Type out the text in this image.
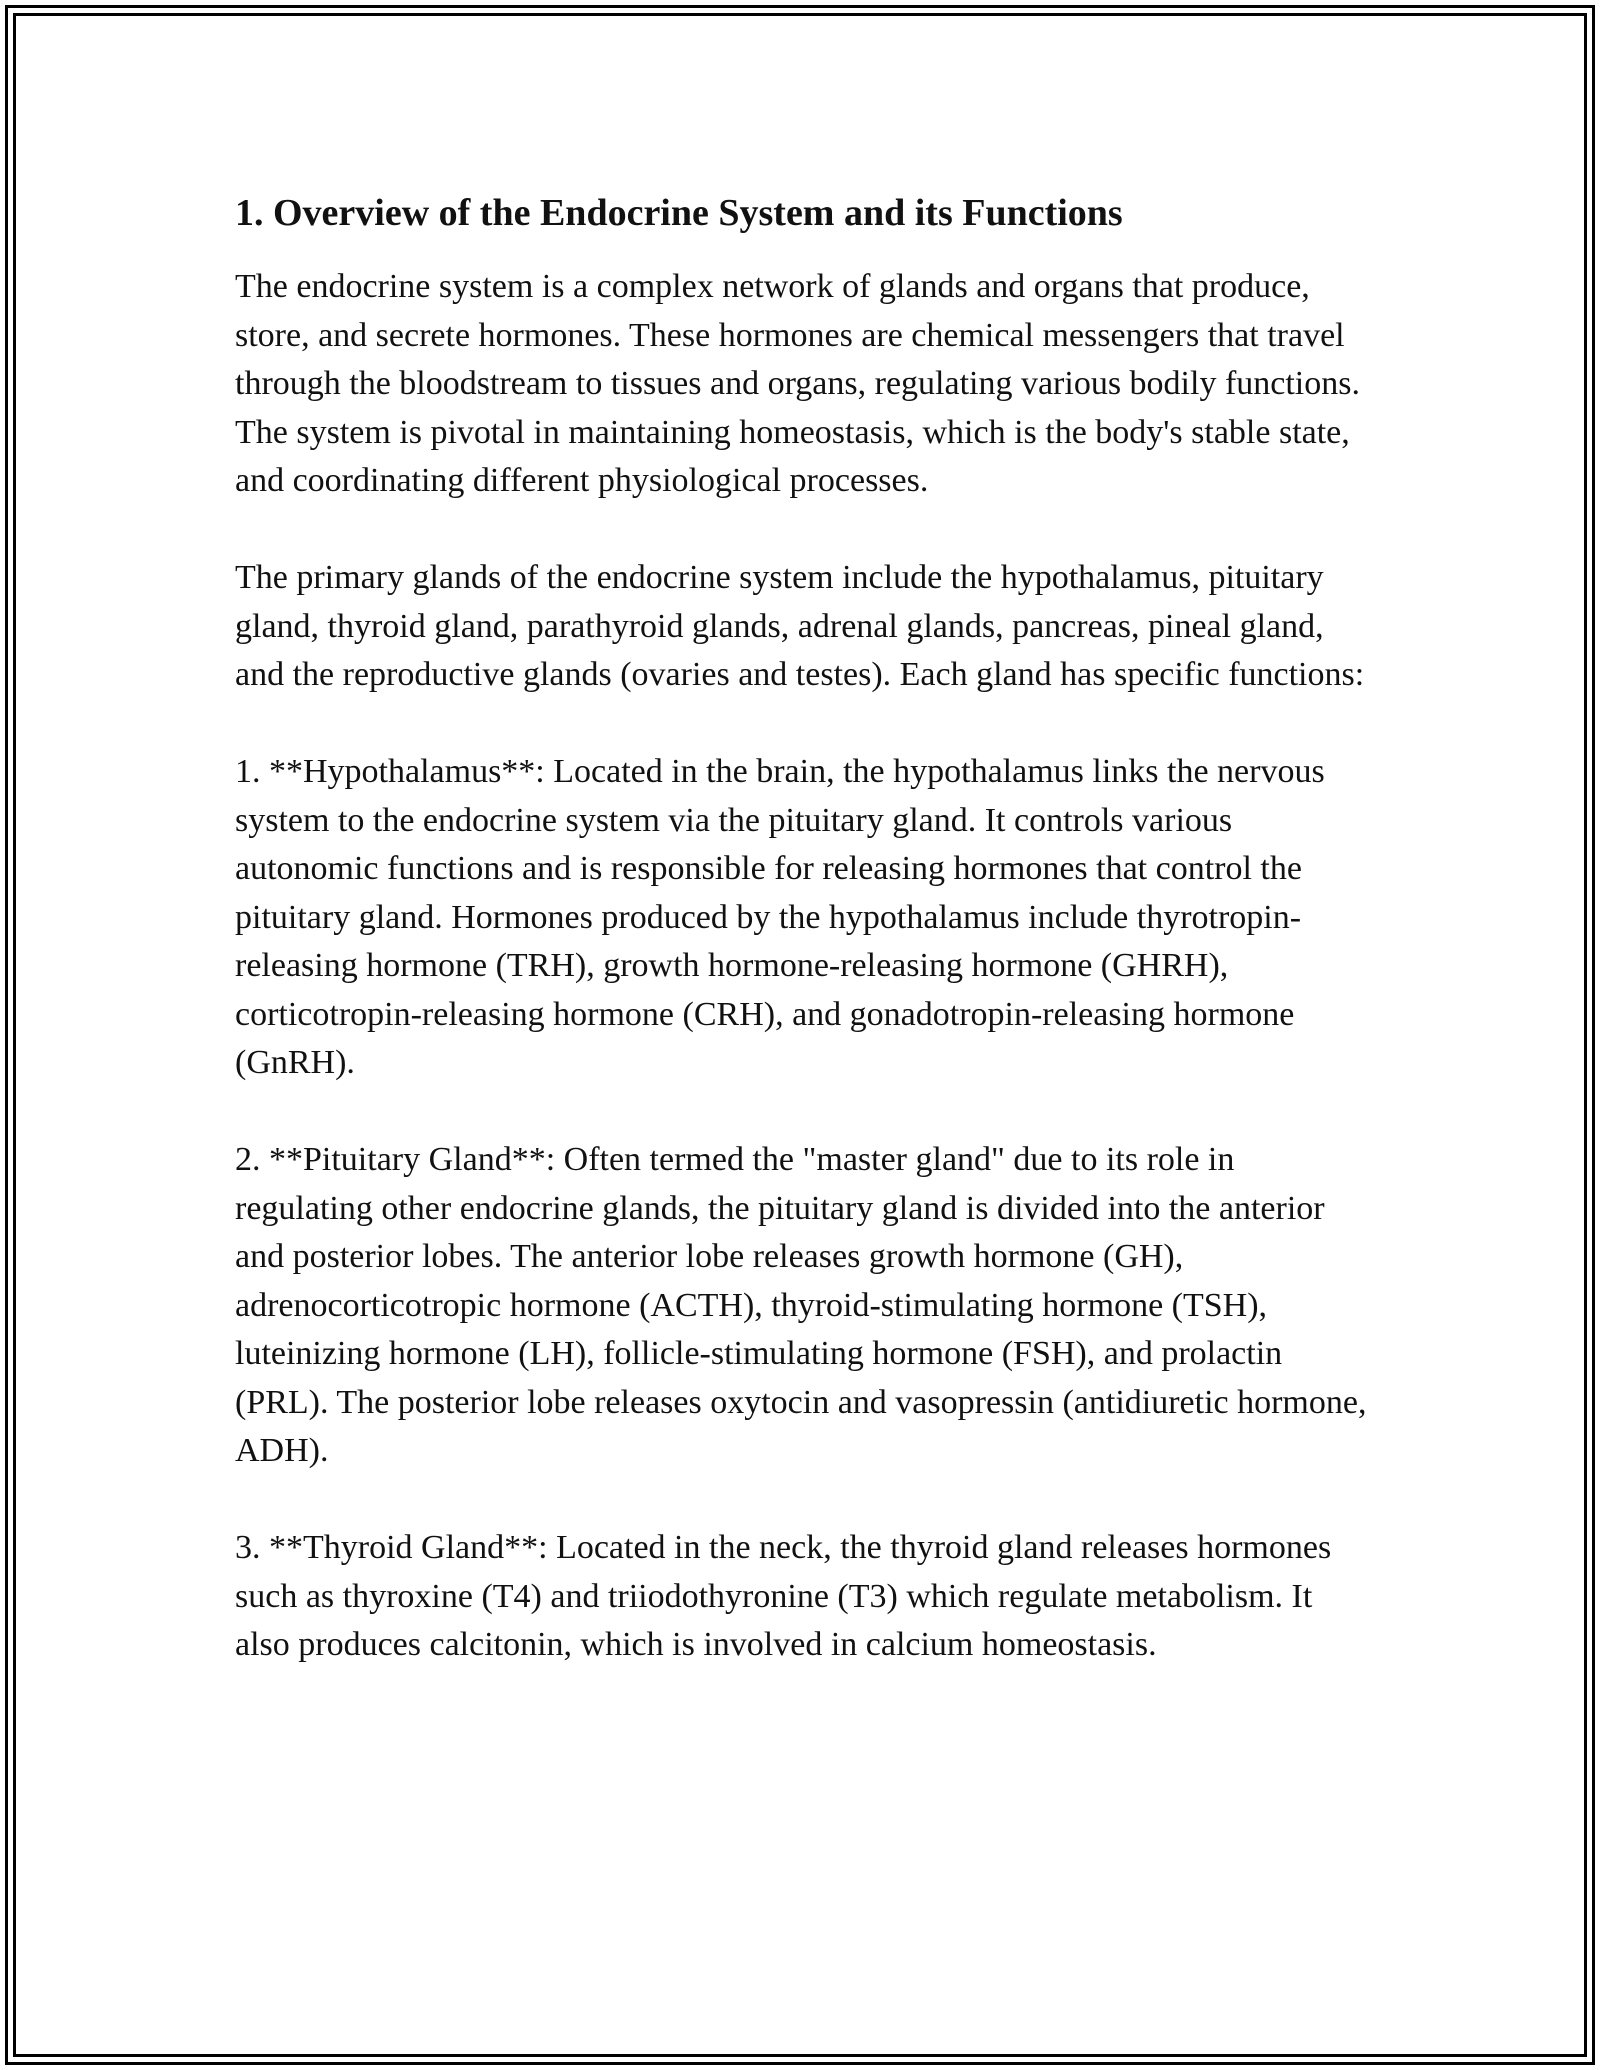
1. Overview of the Endocrine System and its Functions

The endocrine system is a complex network of glands and organs that produce, store, and secrete hormones. These hormones are chemical messengers that travel through the bloodstream to tissues and organs, regulating various bodily functions. The system is pivotal in maintaining homeostasis, which is the body's stable state, and coordinating different physiological processes.

The primary glands of the endocrine system include the hypothalamus, pituitary gland, thyroid gland, parathyroid glands, adrenal glands, pancreas, pineal gland, and the reproductive glands (ovaries and testes). Each gland has specific functions:

1. **Hypothalamus**: Located in the brain, the hypothalamus links the nervous system to the endocrine system via the pituitary gland. It controls various autonomic functions and is responsible for releasing hormones that control the pituitary gland. Hormones produced by the hypothalamus include thyrotropin-releasing hormone (TRH), growth hormone-releasing hormone (GHRH), corticotropin-releasing hormone (CRH), and gonadotropin-releasing hormone (GnRH).

2. **Pituitary Gland**: Often termed the "master gland" due to its role in regulating other endocrine glands, the pituitary gland is divided into the anterior and posterior lobes. The anterior lobe releases growth hormone (GH), adrenocorticotropic hormone (ACTH), thyroid-stimulating hormone (TSH), luteinizing hormone (LH), follicle-stimulating hormone (FSH), and prolactin (PRL). The posterior lobe releases oxytocin and vasopressin (antidiuretic hormone, ADH).

3. **Thyroid Gland**: Located in the neck, the thyroid gland releases hormones such as thyroxine (T4) and triiodothyronine (T3) which regulate metabolism. It also produces calcitonin, which is involved in calcium homeostasis.
